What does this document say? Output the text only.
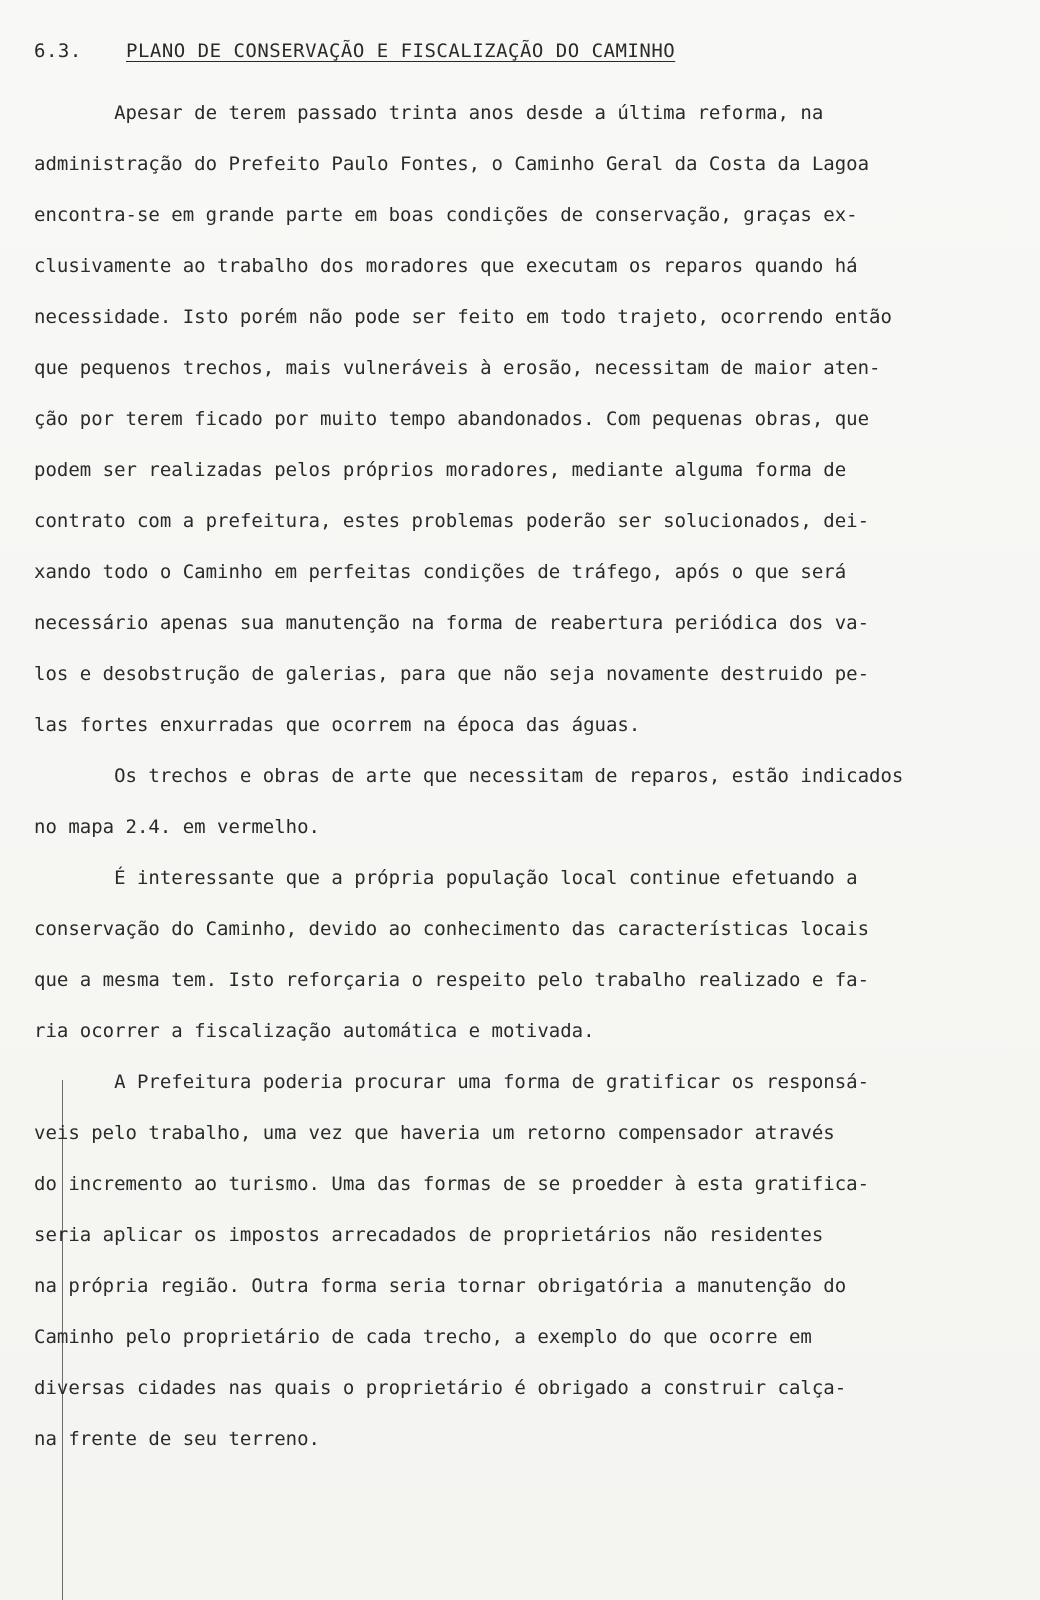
6.3. PLANO DE CONSERVAÇÃO E FISCALIZAÇÃO DO CAMINHO
Apesar de terem passado trinta anos desde a última reforma, na
administração do Prefeito Paulo Fontes, o Caminho Geral da Costa da Lagoa
encontra-se em grande parte em boas condições de conservação, graças ex-
clusivamente ao trabalho dos moradores que executam os reparos quando há
necessidade. Isto porém não pode ser feito em todo trajeto, ocorrendo então
que pequenos trechos, mais vulneráveis à erosão, necessitam de maior aten-
ção por terem ficado por muito tempo abandonados. Com pequenas obras, que
podem ser realizadas pelos próprios moradores, mediante alguma forma de
contrato com a prefeitura, estes problemas poderão ser solucionados, dei-
xando todo o Caminho em perfeitas condições de tráfego, após o que será
necessário apenas sua manutenção na forma de reabertura periódica dos va-
los e desobstrução de galerias, para que não seja novamente destruido pe-
las fortes enxurradas que ocorrem na época das águas.
Os trechos e obras de arte que necessitam de reparos, estão indicados
no mapa 2.4. em vermelho.
É interessante que a própria população local continue efetuando a
conservação do Caminho, devido ao conhecimento das características locais
que a mesma tem. Isto reforçaria o respeito pelo trabalho realizado e fa-
ria ocorrer a fiscalização automática e motivada.
A Prefeitura poderia procurar uma forma de gratificar os responsá-
veis pelo trabalho, uma vez que haveria um retorno compensador através
do incremento ao turismo. Uma das formas de se proedder à esta gratifica-
seria aplicar os impostos arrecadados de proprietários não residentes
na própria região. Outra forma seria tornar obrigatória a manutenção do
Caminho pelo proprietário de cada trecho, a exemplo do que ocorre em
diversas cidades nas quais o proprietário é obrigado a construir calça-
na frente de seu terreno.
